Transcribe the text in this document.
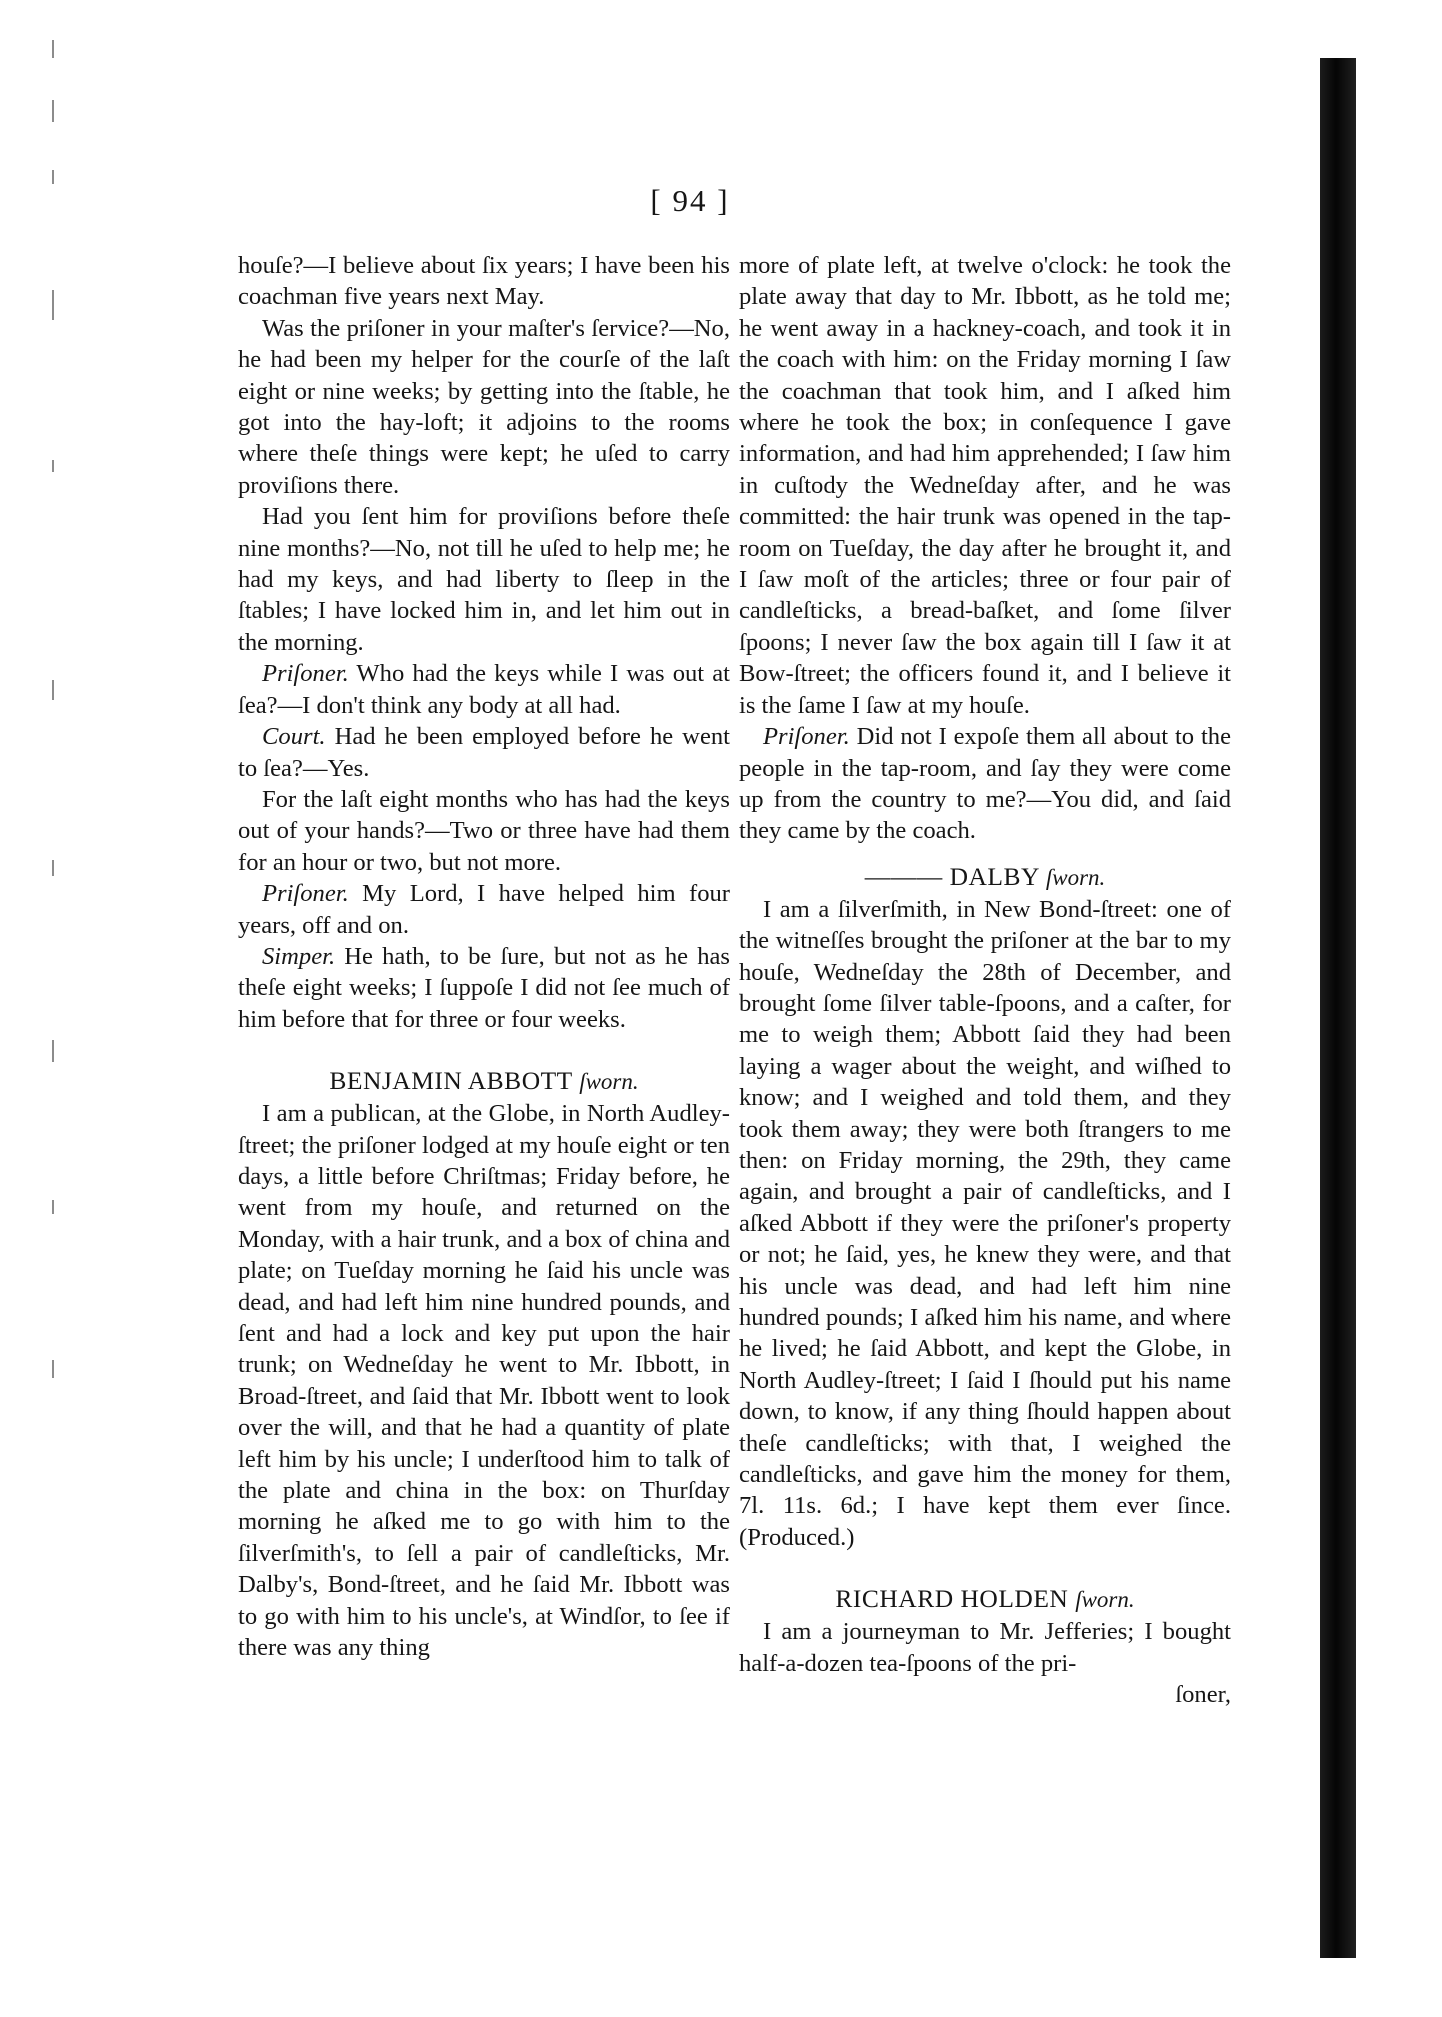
[ 94 ]

houſe?—I believe about ſix years; I have been his coachman five years next May.

Was the priſoner in your maſter's ſervice?—No, he had been my helper for the courſe of the laſt eight or nine weeks; by getting into the ſtable, he got into the hay-loft; it adjoins to the rooms where theſe things were kept; he uſed to carry proviſions there.

Had you ſent him for proviſions before theſe nine months?—No, not till he uſed to help me; he had my keys, and had liberty to ſleep in the ſtables; I have locked him in, and let him out in the morning.

Priſoner. Who had the keys while I was out at ſea?—I don't think any body at all had.

Court. Had he been employed before he went to ſea?—Yes.

For the laſt eight months who has had the keys out of your hands?—Two or three have had them for an hour or two, but not more.

Priſoner. My Lord, I have helped him four years, off and on.

Simper. He hath, to be ſure, but not as he has theſe eight weeks; I ſuppoſe I did not ſee much of him before that for three or four weeks.

BENJAMIN ABBOTT ſworn.

I am a publican, at the Globe, in North Audley-ſtreet; the priſoner lodged at my houſe eight or ten days, a little before Chriſtmas; Friday before, he went from my houſe, and returned on the Monday, with a hair trunk, and a box of china and plate; on Tueſday morning he ſaid his uncle was dead, and had left him nine hundred pounds, and ſent and had a lock and key put upon the hair trunk; on Wedneſday he went to Mr. Ibbott, in Broad-ſtreet, and ſaid that Mr. Ibbott went to look over the will, and that he had a quantity of plate left him by his uncle; I underſtood him to talk of the plate and china in the box: on Thurſday morning he aſked me to go with him to the ſilverſmith's, to ſell a pair of candleſticks, Mr. Dalby's, Bond-ſtreet, and he ſaid Mr. Ibbott was to go with him to his uncle's, at Windſor, to ſee if there was any thing

more of plate left, at twelve o'clock: he took the plate away that day to Mr. Ibbott, as he told me; he went away in a hackney-coach, and took it in the coach with him: on the Friday morning I ſaw the coachman that took him, and I aſked him where he took the box; in conſequence I gave information, and had him apprehended; I ſaw him in cuſtody the Wedneſday after, and he was committed: the hair trunk was opened in the tap-room on Tueſday, the day after he brought it, and I ſaw moſt of the articles; three or four pair of candleſticks, a bread-baſket, and ſome ſilver ſpoons; I never ſaw the box again till I ſaw it at Bow-ſtreet; the officers found it, and I believe it is the ſame I ſaw at my houſe.

Priſoner. Did not I expoſe them all about to the people in the tap-room, and ſay they were come up from the country to me?—You did, and ſaid they came by the coach.

——— DALBY ſworn.

I am a ſilverſmith, in New Bond-ſtreet: one of the witneſſes brought the priſoner at the bar to my houſe, Wedneſday the 28th of December, and brought ſome ſilver table-ſpoons, and a caſter, for me to weigh them; Abbott ſaid they had been laying a wager about the weight, and wiſhed to know; and I weighed and told them, and they took them away; they were both ſtrangers to me then: on Friday morning, the 29th, they came again, and brought a pair of candleſticks, and I aſked Abbott if they were the priſoner's property or not; he ſaid, yes, he knew they were, and that his uncle was dead, and had left him nine hundred pounds; I aſked him his name, and where he lived; he ſaid Abbott, and kept the Globe, in North Audley-ſtreet; I ſaid I ſhould put his name down, to know, if any thing ſhould happen about theſe candleſticks; with that, I weighed the candleſticks, and gave him the money for them, 7l. 11s. 6d.; I have kept them ever ſince. (Produced.)

RICHARD HOLDEN ſworn.

I am a journeyman to Mr. Jefferies; I bought half-a-dozen tea-ſpoons of the pri-

ſoner,
